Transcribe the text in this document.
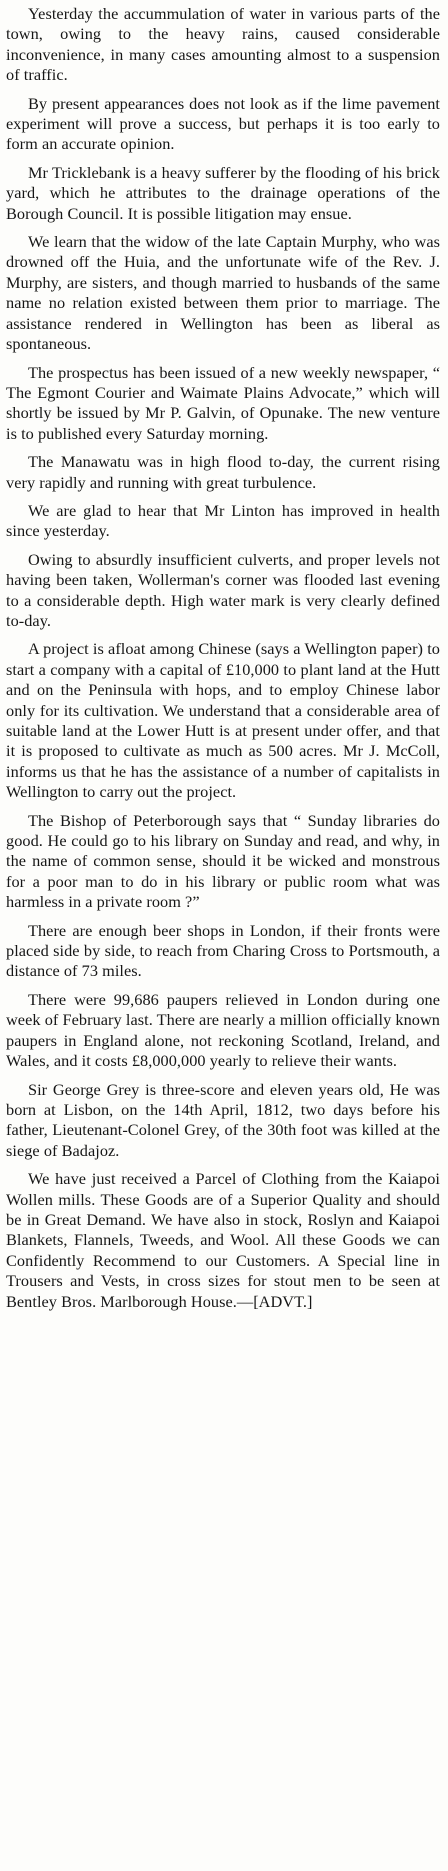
Yesterday the accummulation of water in various parts of the town, owing to the heavy rains, caused considerable inconvenience, in many cases amounting almost to a suspension of traffic.

By present appearances does not look as if the lime pavement experiment will prove a success, but perhaps it is too early to form an accurate opinion.

Mr Tricklebank is a heavy sufferer by the flooding of his brick yard, which he attributes to the drainage operations of the Borough Council. It is possible litigation may ensue.

We learn that the widow of the late Captain Murphy, who was drowned off the Huia, and the unfortunate wife of the Rev. J. Murphy, are sisters, and though married to husbands of the same name no relation existed between them prior to marriage. The assistance rendered in Wellington has been as liberal as spontaneous.

The prospectus has been issued of a new weekly newspaper, “ The Egmont Courier and Waimate Plains Advocate,” which will shortly be issued by Mr P. Galvin, of Opunake. The new venture is to published every Saturday morning.

The Manawatu was in high flood to-day, the current rising very rapidly and running with great turbulence.

We are glad to hear that Mr Linton has improved in health since yesterday.

Owing to absurdly insufficient culverts, and proper levels not having been taken, Wollerman's corner was flooded last evening to a considerable depth. High water mark is very clearly defined to-day.

A project is afloat among Chinese (says a Wellington paper) to start a company with a capital of £10,000 to plant land at the Hutt and on the Peninsula with hops, and to employ Chinese labor only for its cultivation. We understand that a considerable area of suitable land at the Lower Hutt is at present under offer, and that it is proposed to cultivate as much as 500 acres. Mr J. McColl, informs us that he has the assistance of a number of capitalists in Wellington to carry out the project.

The Bishop of Peterborough says that “ Sunday libraries do good. He could go to his library on Sunday and read, and why, in the name of common sense, should it be wicked and monstrous for a poor man to do in his library or public room what was harmless in a private room ?”

There are enough beer shops in London, if their fronts were placed side by side, to reach from Charing Cross to Portsmouth, a distance of 73 miles.

There were 99,686 paupers relieved in London during one week of February last. There are nearly a million officially known paupers in England alone, not reckoning Scotland, Ireland, and Wales, and it costs £8,000,000 yearly to relieve their wants.

Sir George Grey is three-score and eleven years old, He was born at Lisbon, on the 14th April, 1812, two days before his father, Lieutenant-Colonel Grey, of the 30th foot was killed at the siege of Badajoz.

We have just received a Parcel of Clothing from the Kaiapoi Wollen mills. These Goods are of a Superior Quality and should be in Great Demand. We have also in stock, Roslyn and Kaiapoi Blankets, Flannels, Tweeds, and Wool. All these Goods we can Confidently Recommend to our Customers. A Special line in Trousers and Vests, in cross sizes for stout men to be seen at Bentley Bros. Marlborough House.—[ADVT.]
